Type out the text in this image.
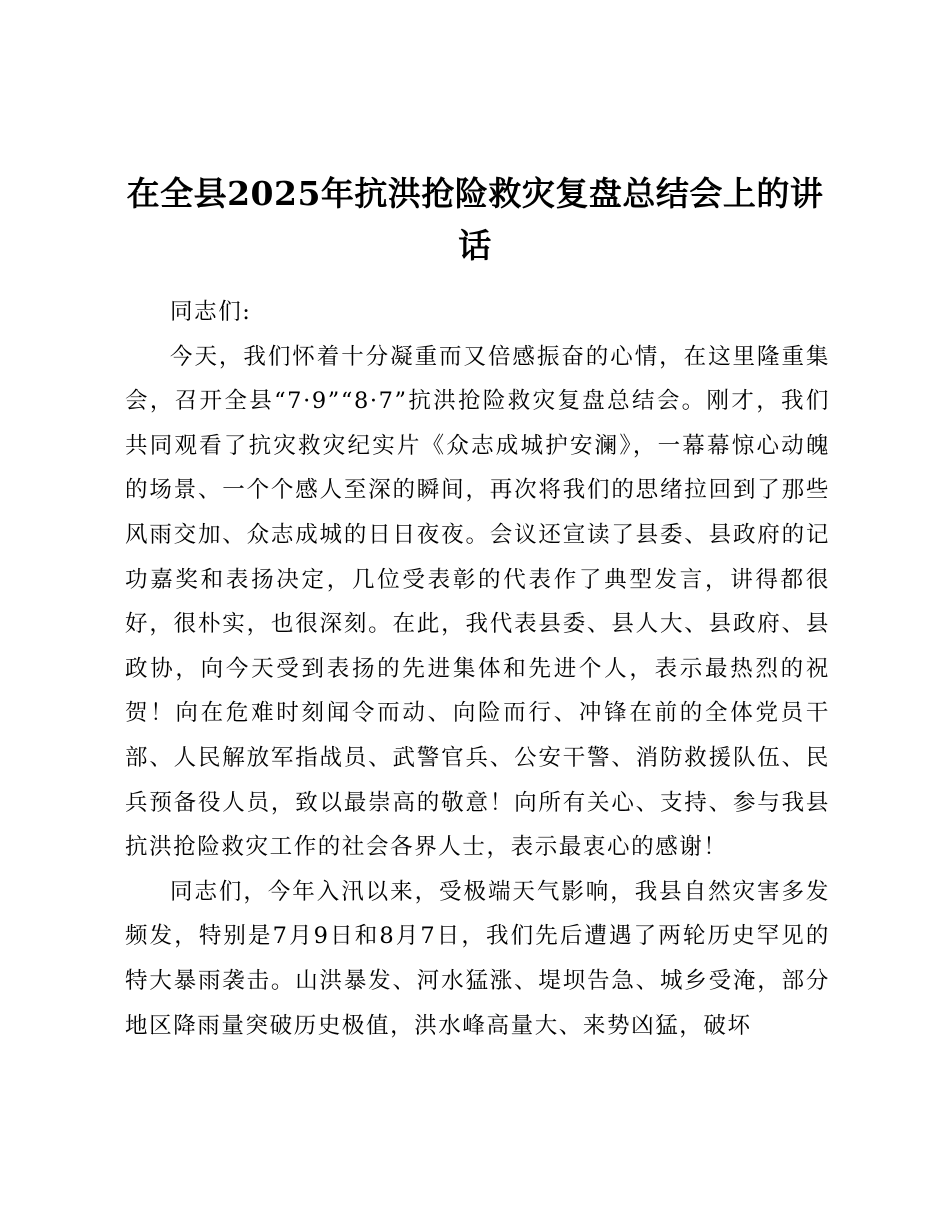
在全县2025年抗洪抢险救灾复盘总结会上的讲话

同志们:

今天，我们怀着十分凝重而又倍感振奋的心情，在这里隆重集会，召开全县“7·9”“8·7”抗洪抢险救灾复盘总结会。刚才，我们共同观看了抗灾救灾纪实片《众志成城护安澜》，一幕幕惊心动魄的场景、一个个感人至深的瞬间，再次将我们的思绪拉回到了那些风雨交加、众志成城的日日夜夜。会议还宣读了县委、县政府的记功嘉奖和表扬决定，几位受表彰的代表作了典型发言，讲得都很好，很朴实，也很深刻。在此，我代表县委、县人大、县政府、县政协，向今天受到表扬的先进集体和先进个人，表示最热烈的祝贺！向在危难时刻闻令而动、向险而行、冲锋在前的全体党员干部、人民解放军指战员、武警官兵、公安干警、消防救援队伍、民兵预备役人员，致以最崇高的敬意！向所有关心、支持、参与我县抗洪抢险救灾工作的社会各界人士，表示最衷心的感谢！

同志们，今年入汛以来，受极端天气影响，我县自然灾害多发频发，特别是7月9日和8月7日，我们先后遭遇了两轮历史罕见的特大暴雨袭击。山洪暴发、河水猛涨、堤坝告急、城乡受淹，部分地区降雨量突破历史极值，洪水峰高量大、来势凶猛，破坏
